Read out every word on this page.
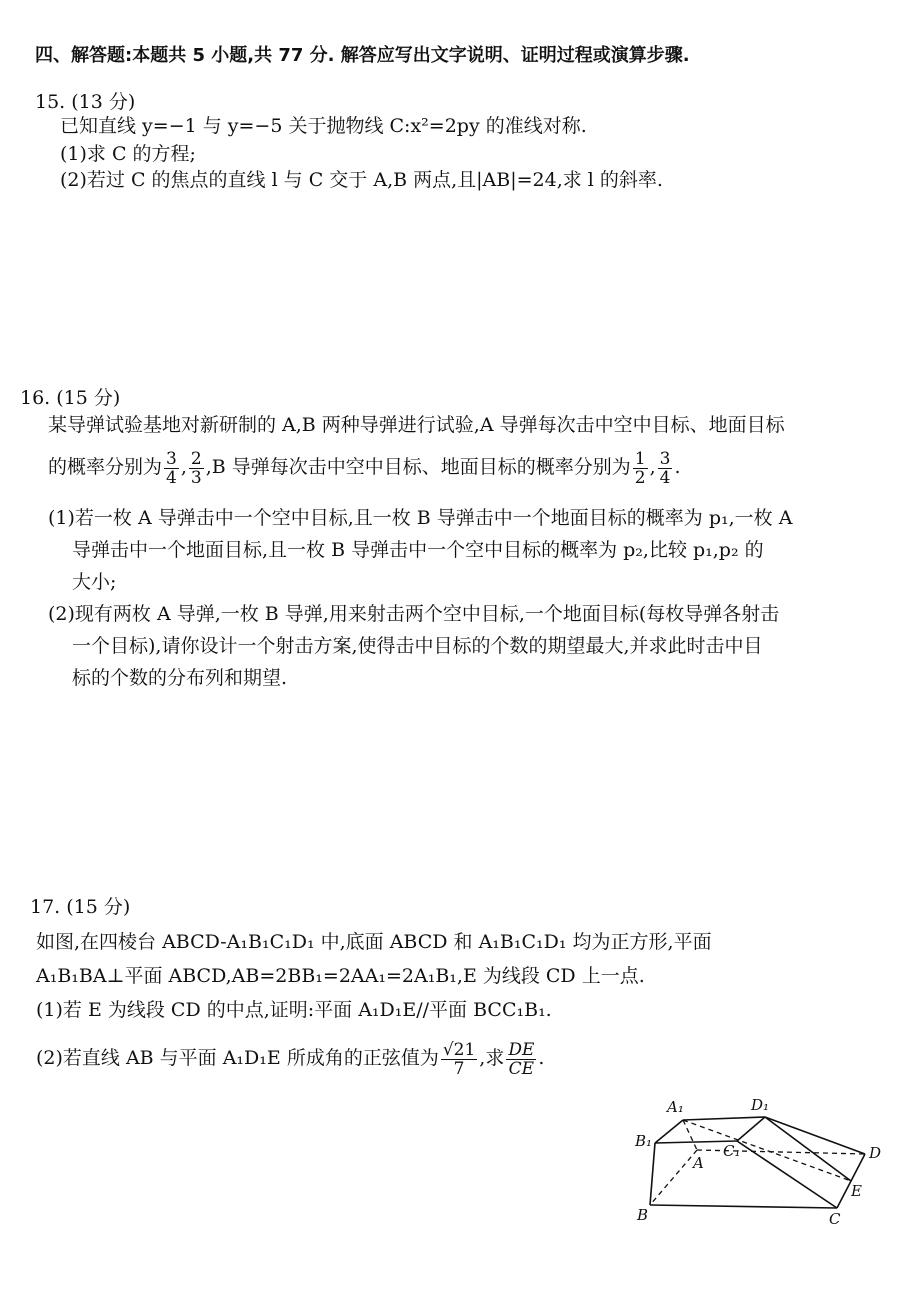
四、解答题:本题共 5 小题,共 77 分. 解答应写出文字说明、证明过程或演算步骤.
15. (13 分)
已知直线 y=−1 与 y=−5 关于抛物线 C:x²=2py 的准线对称.
(1)求 C 的方程;
(2)若过 C 的焦点的直线 l 与 C 交于 A,B 两点,且|AB|=24,求 l 的斜率.
16. (15 分)
某导弹试验基地对新研制的 A,B 两种导弹进行试验,A 导弹每次击中空中目标、地面目标
的概率分别为 $\frac{3}{4}$ , $\frac{2}{3} ,B$ 导弹每次击中空中目标、地面目标的概率分别为 $\frac{1}{2}$ , $\frac{3}{4}$ .
(1)若一枚 A 导弹击中一个空中目标,且一枚 B 导弹击中一个地面目标的概率为 p₁,一枚 A
导弹击中一个地面目标,且一枚 B 导弹击中一个空中目标的概率为 p₂,比较 p₁,p₂ 的
大小;
(2)现有两枚 A 导弹,一枚 B 导弹,用来射击两个空中目标,一个地面目标(每枚导弹各射击
一个目标),请你设计一个射击方案,使得击中目标的个数的期望最大,并求此时击中目
标的个数的分布列和期望.
17. (15 分)
如图,在四棱台 ABCD-A₁B₁C₁D₁ 中,底面 ABCD 和 A₁B₁C₁D₁ 均为正方形,平面
A₁B₁BA⊥平面 ABCD,AB=2BB₁=2AA₁=2A₁B₁,E 为线段 CD 上一点.
(1)若 E 为线段 CD 的中点,证明:平面 A₁D₁E//平面 BCC₁B₁.
(2)若直线 AB 与平面 A₁D₁E 所成角的正弦值为 $\frac{√21}{7}$ ,求 $\frac{DE}{CE}$ .
A₁	D₁
B₁
C₁
A
B	C
D
E
